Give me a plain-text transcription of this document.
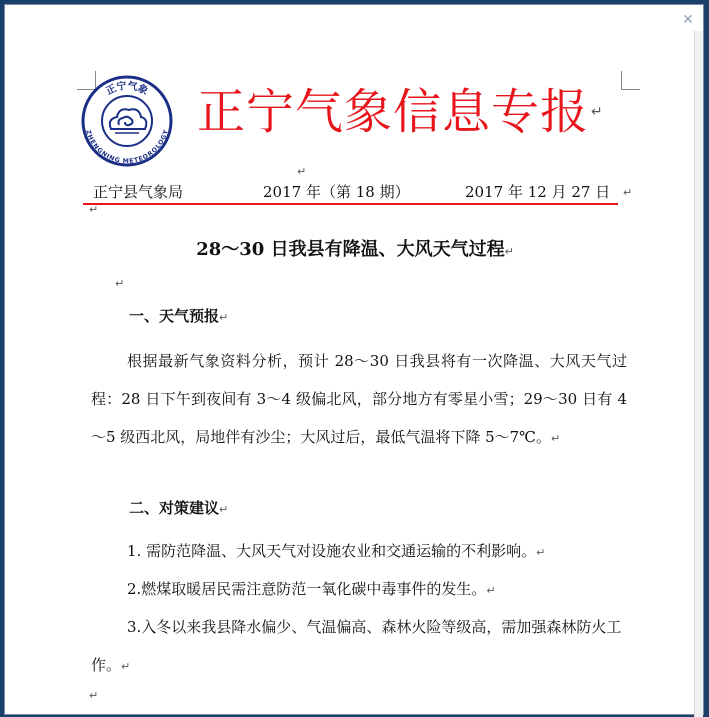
✕
正宁气象
ZHENGNING METEOROLOGY 正宁气象信息专报 ↵
↵
正宁县气象局	2017 年（第 18 期）	2017 年 12 月 27 日 ↵
↵
28～30 日我县有降温、大风天气过程↵
↵
一、天气预报↵
根据最新气象资料分析，预计 28～30 日我县将有一次降温、大风天气过程：28 日下午到夜间有 3～4 级偏北风，部分地方有零星小雪；29～30 日有 4～5 级西北风，局地伴有沙尘；大风过后，最低气温将下降 5～7℃。↵
二、对策建议↵
1. 需防范降温、大风天气对设施农业和交通运输的不利影响。↵
2.燃煤取暖居民需注意防范一氧化碳中毒事件的发生。↵
3.入冬以来我县降水偏少、气温偏高、森林火险等级高，需加强森林防火工作。↵
↵
